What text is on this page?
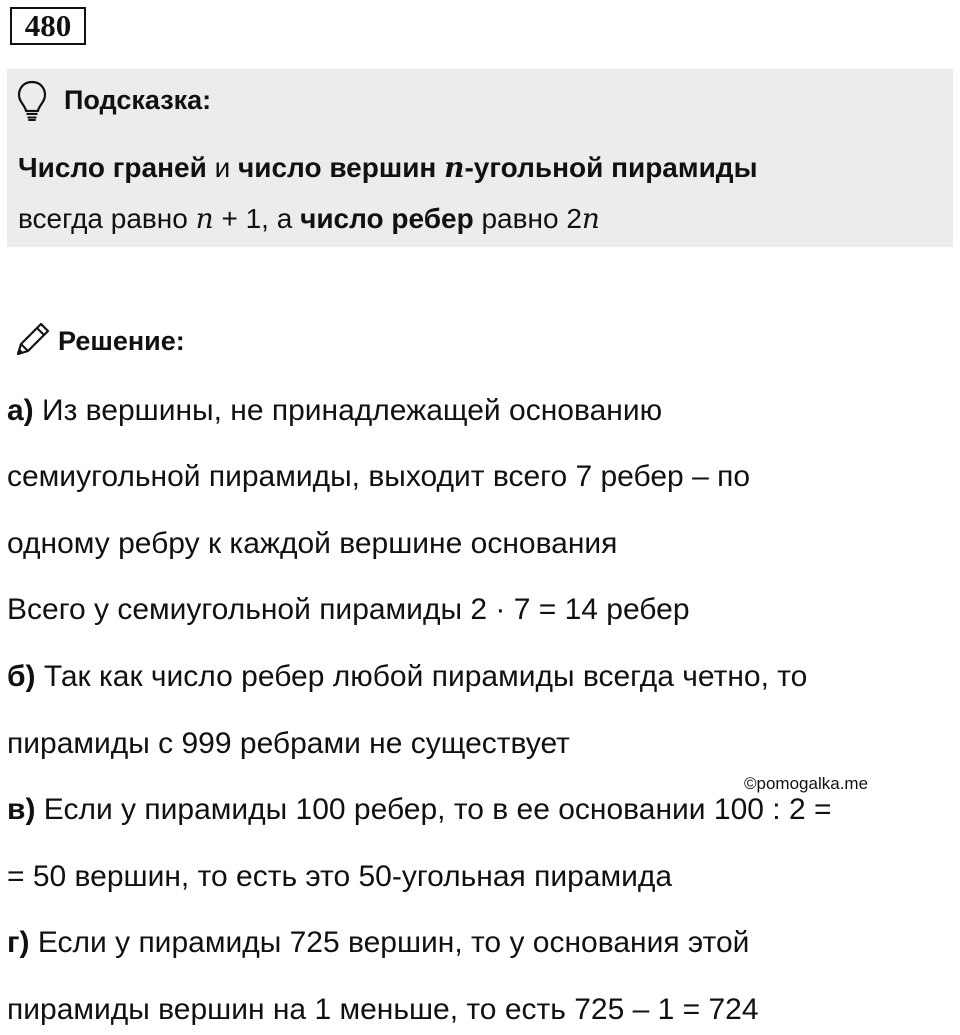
480
Подсказка:
Число граней и число вершин n-угольной пирамиды
всегда равно n + 1, а число ребер равно 2n
Решение:
а) Из вершины, не принадлежащей основанию
семиугольной пирамиды, выходит всего 7 ребер – по
одному ребру к каждой вершине основания
Всего у семиугольной пирамиды 2 · 7 = 14 ребер
б) Так как число ребер любой пирамиды всегда четно, то
пирамиды с 999 ребрами не существует
©pomogalka.me
в) Если у пирамиды 100 ребер, то в ее основании 100 : 2 =
= 50 вершин, то есть это 50-угольная пирамида
г) Если у пирамиды 725 вершин, то у основания этой
пирамиды вершин на 1 меньше, то есть 725 – 1 = 724
